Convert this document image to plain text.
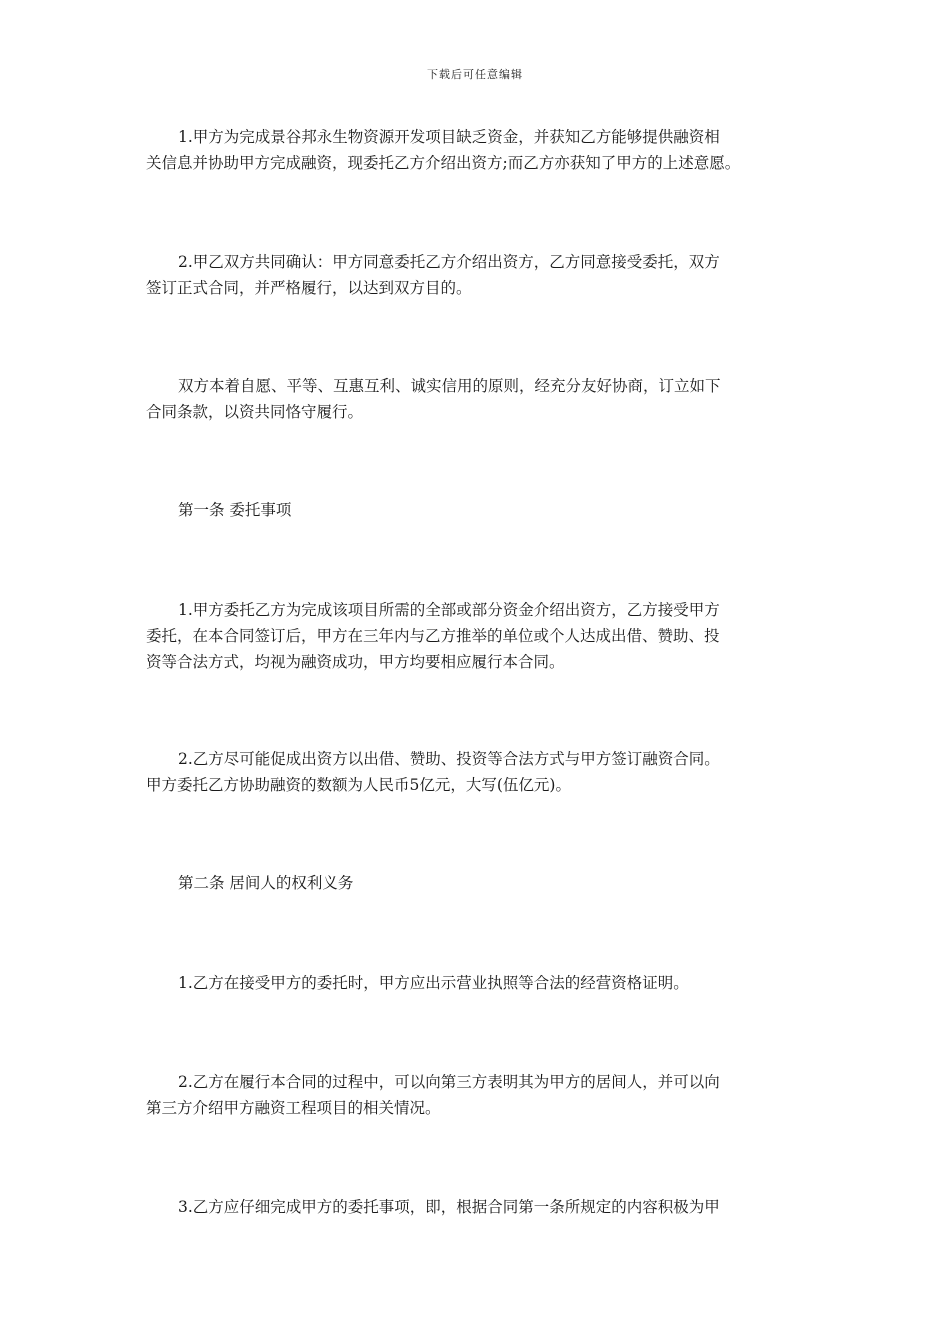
下载后可任意编辑
1.甲方为完成景谷邦永生物资源开发项目缺乏资金，并获知乙方能够提供融资相
关信息并协助甲方完成融资，现委托乙方介绍出资方;而乙方亦获知了甲方的上述意愿。
2.甲乙双方共同确认：甲方同意委托乙方介绍出资方，乙方同意接受委托，双方
签订正式合同，并严格履行，以达到双方目的。
双方本着自愿、平等、互惠互利、诚实信用的原则，经充分友好协商，订立如下
合同条款，以资共同恪守履行。
第一条 委托事项
1.甲方委托乙方为完成该项目所需的全部或部分资金介绍出资方，乙方接受甲方
委托，在本合同签订后，甲方在三年内与乙方推举的单位或个人达成出借、赞助、投
资等合法方式，均视为融资成功，甲方均要相应履行本合同。
2.乙方尽可能促成出资方以出借、赞助、投资等合法方式与甲方签订融资合同。
甲方委托乙方协助融资的数额为人民币5亿元，大写(伍亿元)。
第二条 居间人的权利义务
1.乙方在接受甲方的委托时，甲方应出示营业执照等合法的经营资格证明。
2.乙方在履行本合同的过程中，可以向第三方表明其为甲方的居间人，并可以向
第三方介绍甲方融资工程项目的相关情况。
3.乙方应仔细完成甲方的委托事项，即，根据合同第一条所规定的内容积极为甲
